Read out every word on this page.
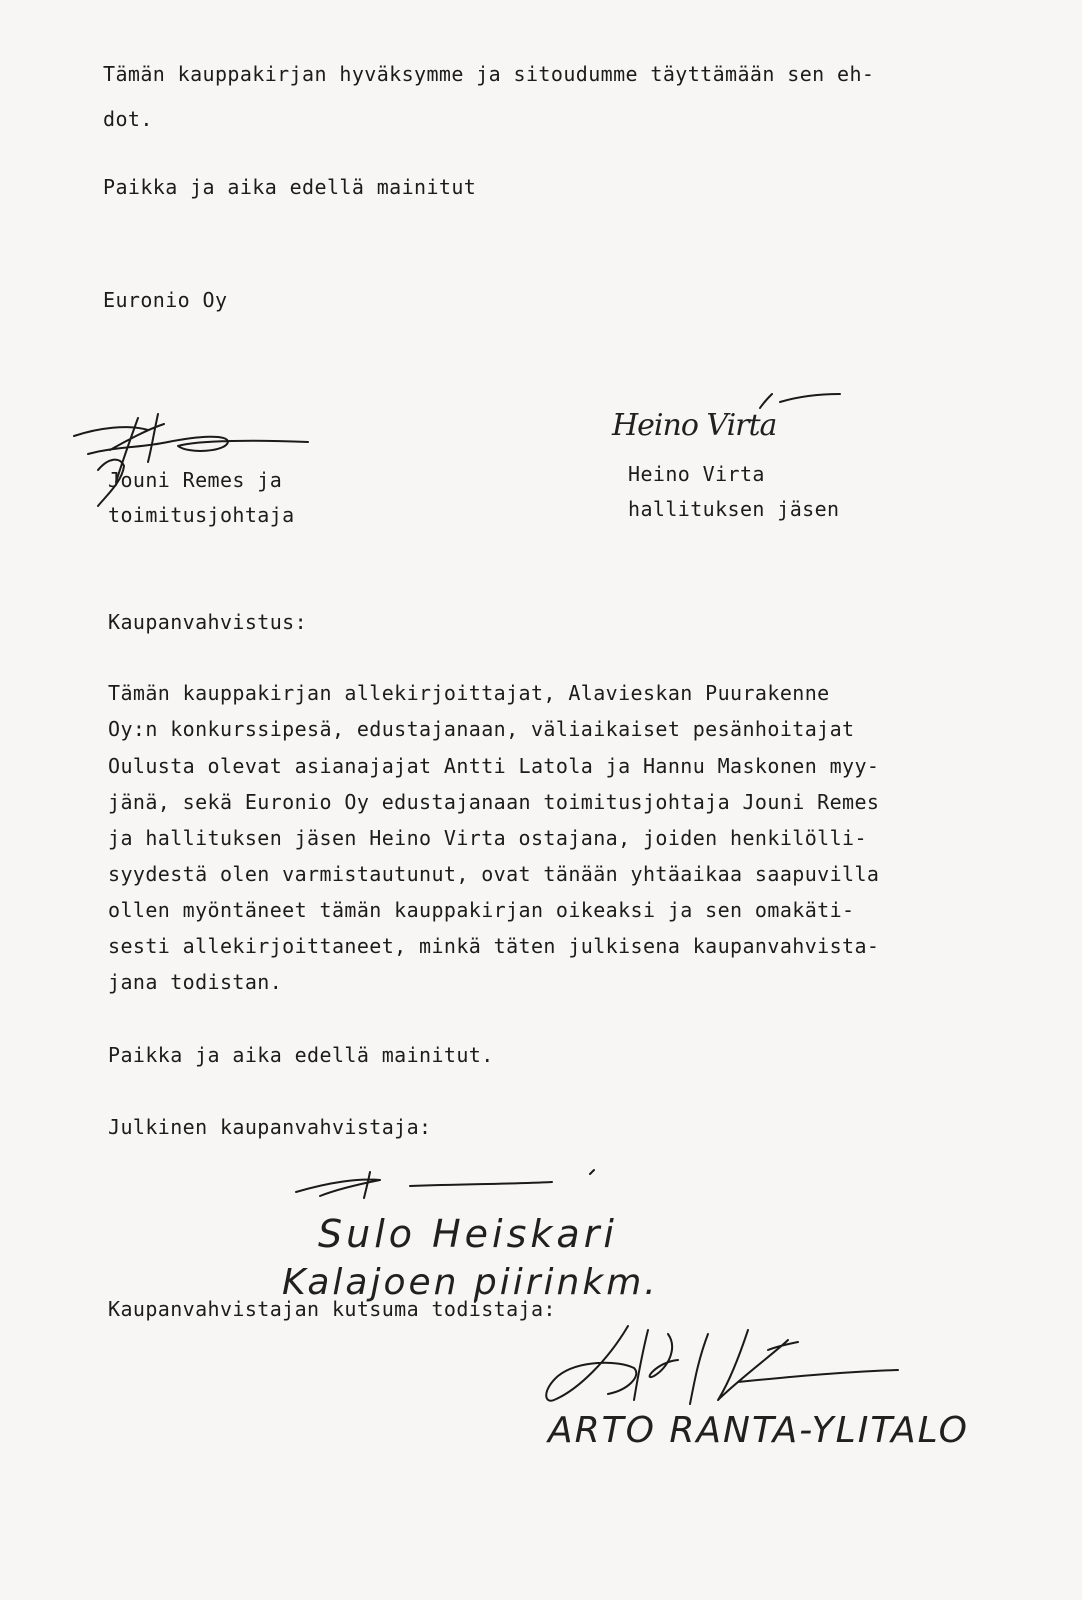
Tämän kauppakirjan hyväksymme ja sitoudumme täyttämään sen eh-
dot.
Paikka ja aika edellä mainitut
Euronio Oy
Jouni Remes ja
toimitusjohtaja
Heino Virta
Heino Virta
hallituksen jäsen
Kaupanvahvistus:
Tämän kauppakirjan allekirjoittajat, Alavieskan Puurakenne
Oy:n konkurssipesä, edustajanaan, väliaikaiset pesänhoitajat
Oulusta olevat asianajajat Antti Latola ja Hannu Maskonen myy-
jänä, sekä Euronio Oy edustajanaan toimitusjohtaja Jouni Remes
ja hallituksen jäsen Heino Virta ostajana, joiden henkilölli-
syydestä olen varmistautunut, ovat tänään yhtäaikaa saapuvilla
ollen myöntäneet tämän kauppakirjan oikeaksi ja sen omakäti-
sesti allekirjoittaneet, minkä täten julkisena kaupanvahvista-
jana todistan.
Paikka ja aika edellä mainitut.
Julkinen kaupanvahvistaja:
Sulo Heiskari
Kalajoen piirinkm.
Kaupanvahvistajan kutsuma todistaja:
ARTO RANTA-YLITALO
